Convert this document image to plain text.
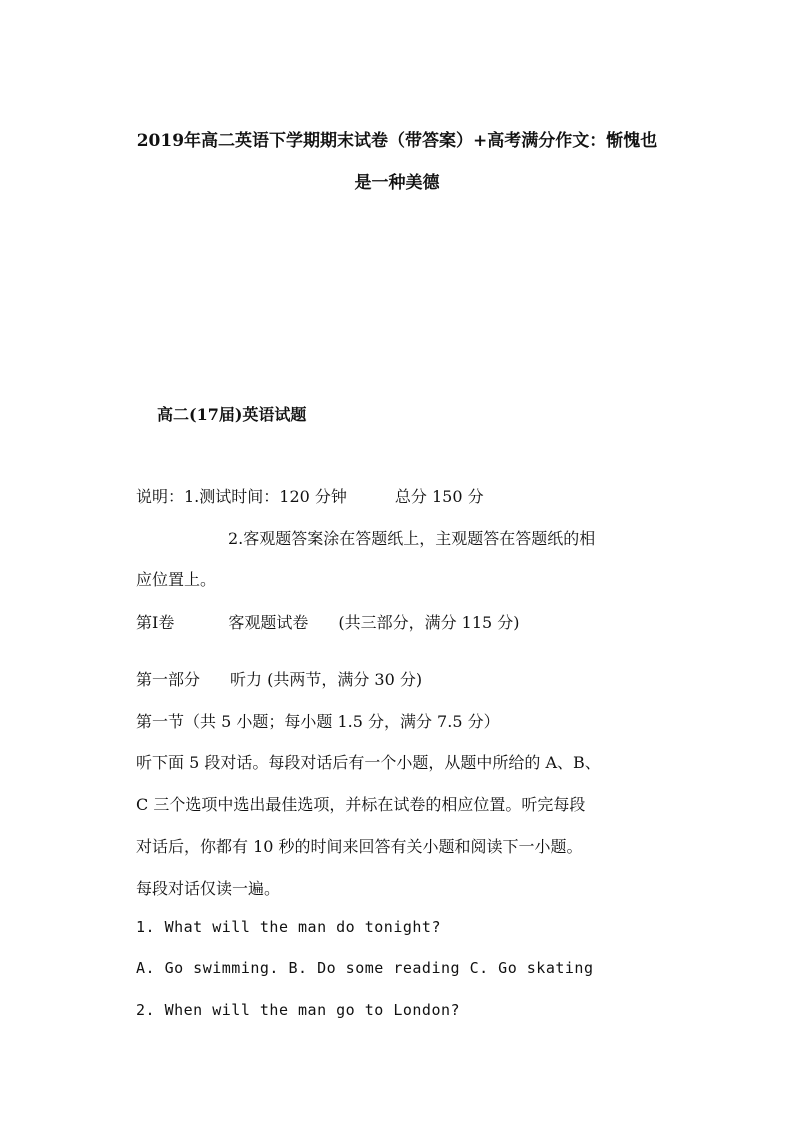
2019年高二英语下学期期末试卷（带答案）+高考满分作文：惭愧也
是一种美德
高二(17届)英语试题
说明：1.测试时间：120 分钟	总分 150 分
2.客观题答案涂在答题纸上，主观题答在答题纸的相
应位置上。
第Ⅰ卷	客观题试卷 (共三部分，满分 115 分)
第一部分 听力 (共两节，满分 30 分)
第一节（共 5 小题；每小题 1.5 分，满分 7.5 分）
听下面 5 段对话。每段对话后有一个小题，从题中所给的 A、B、
C 三个选项中选出最佳选项，并标在试卷的相应位置。听完每段
对话后，你都有 10 秒的时间来回答有关小题和阅读下一小题。
每段对话仅读一遍。
1. What will the man do tonight?
A. Go swimming. B. Do some reading C. Go skating
2. When will the man go to London?
